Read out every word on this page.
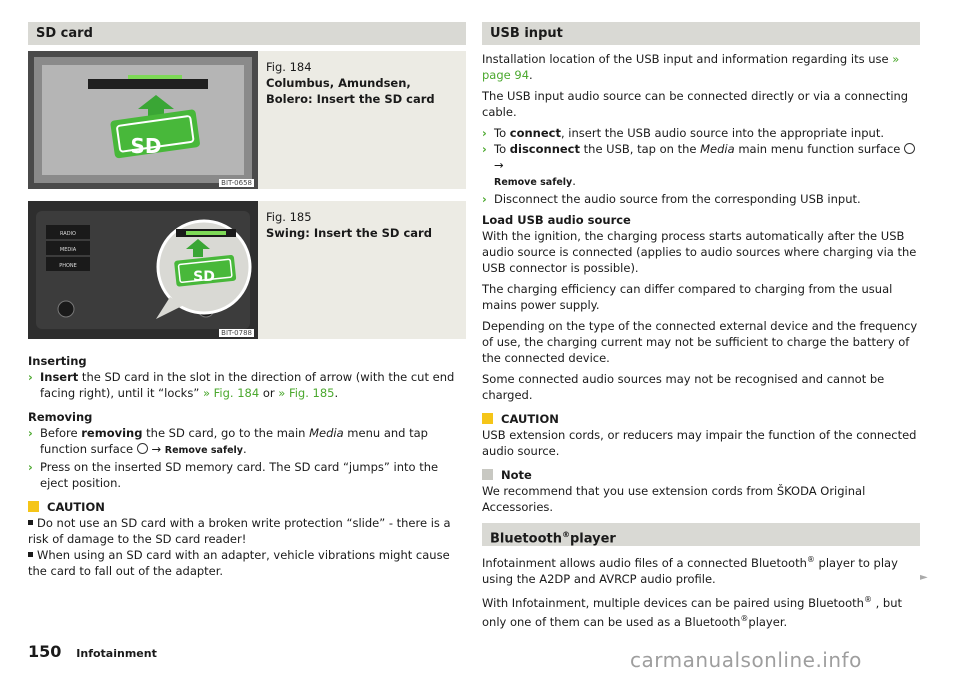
SD card
SD
BIT-0658
Fig. 184
Columbus, Amundsen, Bolero: Insert the SD card
RADIO
MEDIA
PHONE
SD
BIT-0788
Fig. 185
Swing: Insert the SD card

Inserting

› Insert the SD card in the slot in the direction of arrow (with the cut end facing right), until it “locks” » Fig. 184 or » Fig. 185.

Removing

› Before removing the SD card, go to the main Media menu and tap function surface  → Remove safely.

› Press on the inserted SD memory card. The SD card “jumps” into the eject position.

CAUTION

Do not use an SD card with a broken write protection “slide” - there is a risk of damage to the SD card reader!

When using an SD card with an adapter, vehicle vibrations might cause the card to fall out of the adapter.

USB input

Installation location of the USB input and information regarding its use » page 94.

The USB input audio source can be connected directly or via a connecting cable.

› To connect, insert the USB audio source into the appropriate input.

› To disconnect the USB, tap on the Media main menu function surface  →
Remove safely.

› Disconnect the audio source from the corresponding USB input.

Load USB audio source

With the ignition, the charging process starts automatically after the USB audio source is connected (applies to audio sources where charging via the USB connector is possible).

The charging efficiency can differ compared to charging from the usual mains power supply.

Depending on the type of the connected external device and the frequency of use, the charging current may not be sufficient to charge the battery of the connected device.

Some connected audio sources may not be recognised and cannot be charged.

CAUTION

USB extension cords, or reducers may impair the function of the connected audio source.

Note

We recommend that you use extension cords from ŠKODA Original Accessories.

Bluetooth®player

Infotainment allows audio files of a connected Bluetooth® player to play using the A2DP and AVRCP audio profile.

With Infotainment, multiple devices can be paired using Bluetooth® , but only one of them can be used as a Bluetooth®player.

►
150 Infotainment	carmanualsonline.info
